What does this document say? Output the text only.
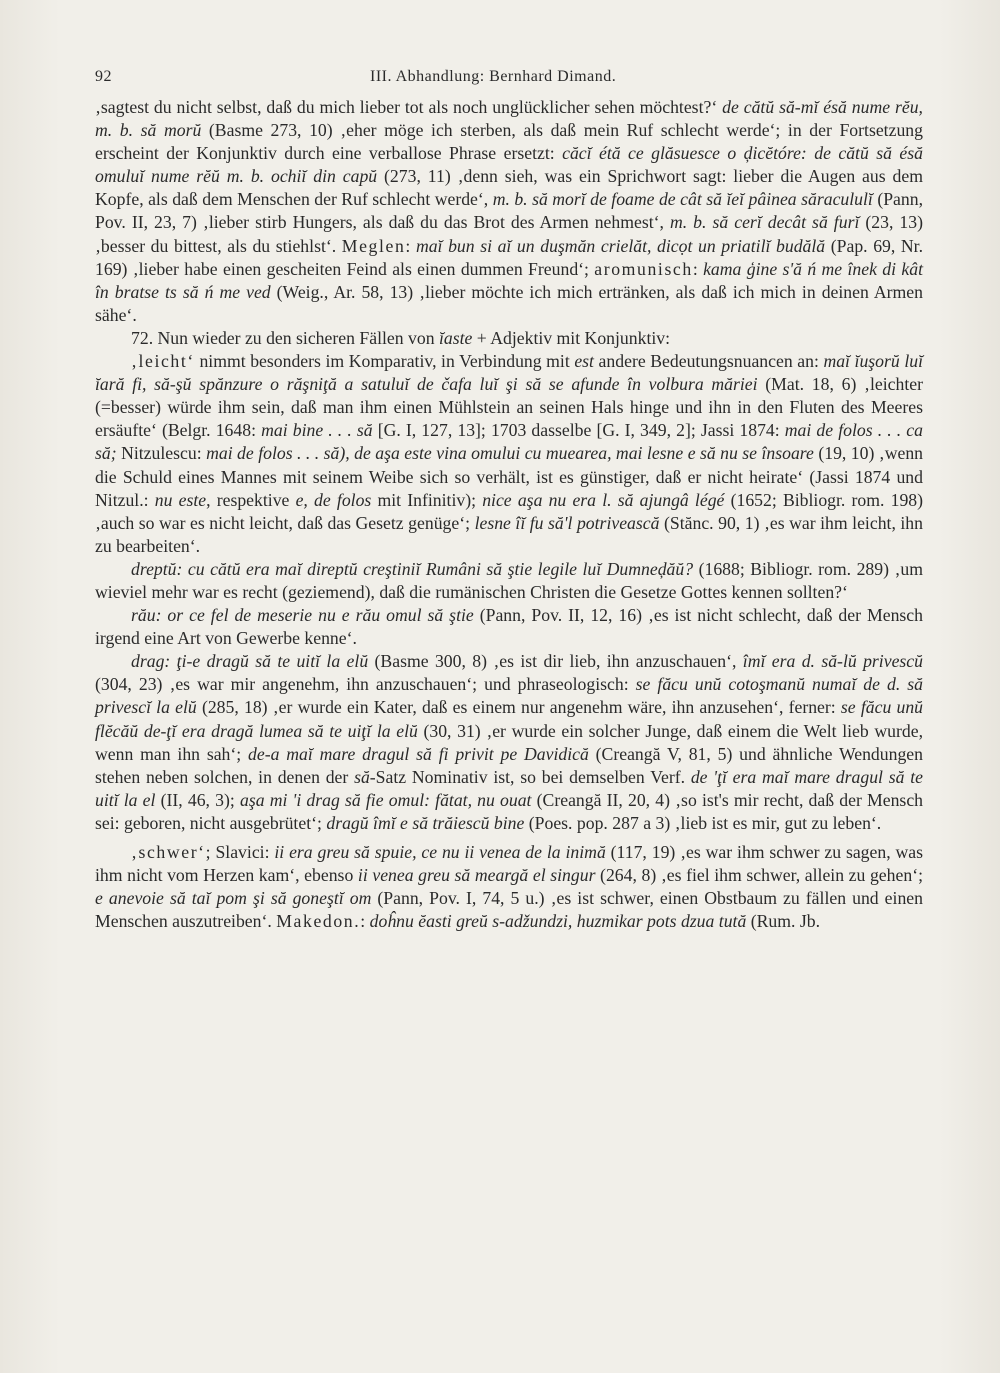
92	III. Abhandlung: Bernhard Dimand.

‚sagtest du nicht selbst, daß du mich lieber tot als noch unglücklicher sehen möchtest?‘ de cătŭ să-mĭ ésă nume rĕu, m. b. să morŭ (Basme 273, 10) ‚eher möge ich sterben, als daß mein Ruf schlecht werde‘; in der Fortsetzung erscheint der Konjunktiv durch eine verballose Phrase ersetzt: căcĭ étă ce glăsuesce o ḑicĕtóre: de cătŭ să ésă omuluĭ nume rĕŭ m. b. ochiĭ din capŭ (273, 11) ‚denn sieh, was ein Sprichwort sagt: lieber die Augen aus dem Kopfe, als daß dem Menschen der Ruf schlecht werde‘, m. b. să morĭ de foame de cât să ĭeĭ pâinea săracululĭ (Pann, Pov. II, 23, 7) ‚lieber stirb Hungers, als daß du das Brot des Armen nehmest‘, m. b. să cerĭ decât să furĭ (23, 13) ‚besser du bittest, als du stiehlst‘. Meglen: maĭ bun si aĭ un duşmăn crielăt, dicọt un priatilĭ budălă (Pap. 69, Nr. 169) ‚lieber habe einen gescheiten Feind als einen dummen Freund‘; aromunisch: kama ģine s'ă ń me înek di kât în bratse ts să ń me ved (Weig., Ar. 58, 13) ‚lieber möchte ich mich ertränken, als daß ich mich in deinen Armen sähe‘.

72. Nun wieder zu den sicheren Fällen von ĭaste + Adjektiv mit Konjunktiv:

‚leicht‘ nimmt besonders im Komparativ, in Verbindung mit est andere Bedeutungsnuancen an: maĭ ĭuşorŭ luĭ ĭară fi, să-şŭ spănzure o răşniţă a satuluĭ de čafa luĭ şi să se afunde în volbura măriei (Mat. 18, 6) ‚leichter (=besser) würde ihm sein, daß man ihm einen Mühlstein an seinen Hals hinge und ihn in den Fluten des Meeres ersäufte‘ (Belgr. 1648: mai bine . . . să [G. I, 127, 13]; 1703 dasselbe [G. I, 349, 2]; Jassi 1874: mai de folos . . . ca să; Nitzulescu: mai de folos . . . să), de aşa este vina omului cu muearea, mai lesne e să nu se însoare (19, 10) ‚wenn die Schuld eines Mannes mit seinem Weibe sich so verhält, ist es günstiger, daß er nicht heirate‘ (Jassi 1874 und Nitzul.: nu este, respektive e, de folos mit Infinitiv); nice aşa nu era l. să ajungâ légé (1652; Bibliogr. rom. 198) ‚auch so war es nicht leicht, daß das Gesetz genüge‘; lesne îĭ fu să'l potrivească (Stănc. 90, 1) ‚es war ihm leicht, ihn zu bearbeiten‘.

dreptŭ: cu cătŭ era maĭ direptŭ creştiniĭ Rumâni să ştie legile luĭ Dumneḑăŭ? (1688; Bibliogr. rom. 289) ‚um wieviel mehr war es recht (geziemend), daß die rumänischen Christen die Gesetze Gottes kennen sollten?‘

rău: or ce fel de meserie nu e rău omul să ştie (Pann, Pov. II, 12, 16) ‚es ist nicht schlecht, daß der Mensch irgend eine Art von Gewerbe kenne‘.

drag: ţi-e dragŭ să te uitĭ la elŭ (Basme 300, 8) ‚es ist dir lieb, ihn anzuschauen‘, îmĭ era d. să-lŭ privescŭ (304, 23) ‚es war mir angenehm, ihn anzuschauen‘; und phraseologisch: se făcu unŭ cotoşmanŭ numaĭ de d. să privescĭ la elŭ (285, 18) ‚er wurde ein Kater, daß es einem nur angenehm wäre, ihn anzusehen‘, ferner: se făcu unŭ flĕcăŭ de-ţĭ era dragă lumea să te uiţĭ la elŭ (30, 31) ‚er wurde ein solcher Junge, daß einem die Welt lieb wurde, wenn man ihn sah‘; de-a maĭ mare dragul să fi privit pe Davidică (Creangă V, 81, 5) und ähnliche Wendungen stehen neben solchen, in denen der să-Satz Nominativ ist, so bei demselben Verf. de 'ţĭ era maĭ mare dragul să te uitĭ la el (II, 46, 3); aşa mi 'i drag să fie omul: fătat, nu ouat (Creangă II, 20, 4) ‚so ist's mir recht, daß der Mensch sei: geboren, nicht ausgebrütet‘; dragŭ îmĭ e să trăiescŭ bine (Poes. pop. 287 a 3) ‚lieb ist es mir, gut zu leben‘.

‚schwer‘; Slavici: ii era greu să spuie, ce nu ii venea de la inimă (117, 19) ‚es war ihm schwer zu sagen, was ihm nicht vom Herzen kam‘, ebenso ii venea greu să meargă el singur (264, 8) ‚es fiel ihm schwer, allein zu gehen‘; e anevoie să taĭ pom şi să goneştĭ om (Pann, Pov. I, 74, 5 u.) ‚es ist schwer, einen Obstbaum zu fällen und einen Menschen auszutreiben‘. Makedon.: doĥnu ĕasti greŭ s-adžundzi, huzmikar pots dzua tută (Rum. Jb.
